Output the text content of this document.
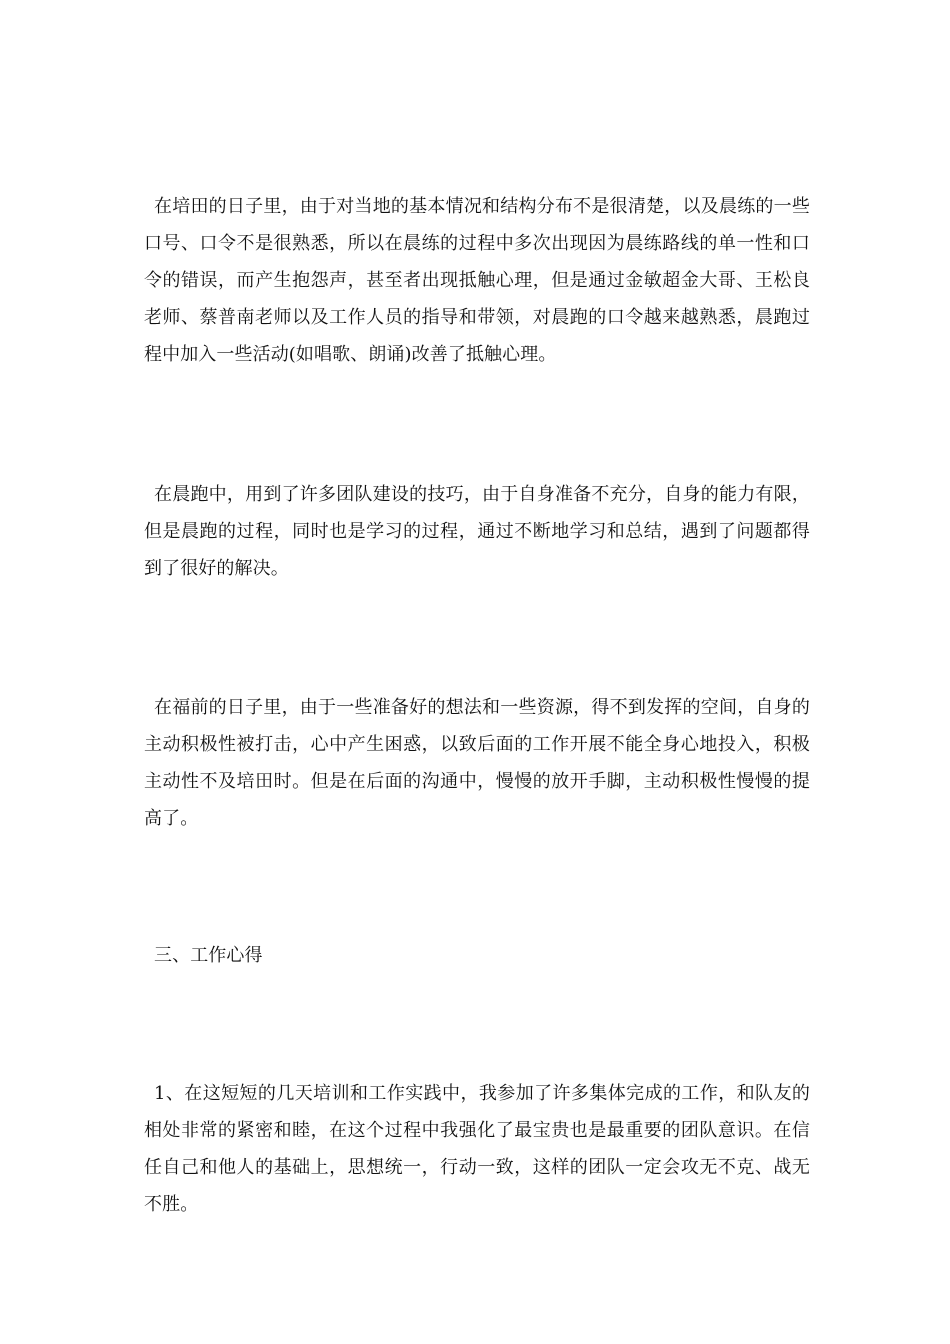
在培田的日子里，由于对当地的基本情况和结构分布不是很清楚，以及晨练的一些口号、口令不是很熟悉，所以在晨练的过程中多次出现因为晨练路线的单一性和口令的错误，而产生抱怨声，甚至者出现抵触心理，但是通过金敏超金大哥、王松良老师、蔡普南老师以及工作人员的指导和带领，对晨跑的口令越来越熟悉，晨跑过程中加入一些活动(如唱歌、朗诵)改善了抵触心理。

在晨跑中，用到了许多团队建设的技巧，由于自身准备不充分，自身的能力有限，但是晨跑的过程，同时也是学习的过程，通过不断地学习和总结，遇到了问题都得到了很好的解决。

在福前的日子里，由于一些准备好的想法和一些资源，得不到发挥的空间，自身的主动积极性被打击，心中产生困惑，以致后面的工作开展不能全身心地投入，积极主动性不及培田时。但是在后面的沟通中，慢慢的放开手脚，主动积极性慢慢的提高了。

三、工作心得

1、在这短短的几天培训和工作实践中，我参加了许多集体完成的工作，和队友的相处非常的紧密和睦，在这个过程中我强化了最宝贵也是最重要的团队意识。在信任自己和他人的基础上，思想统一，行动一致，这样的团队一定会攻无不克、战无不胜。
